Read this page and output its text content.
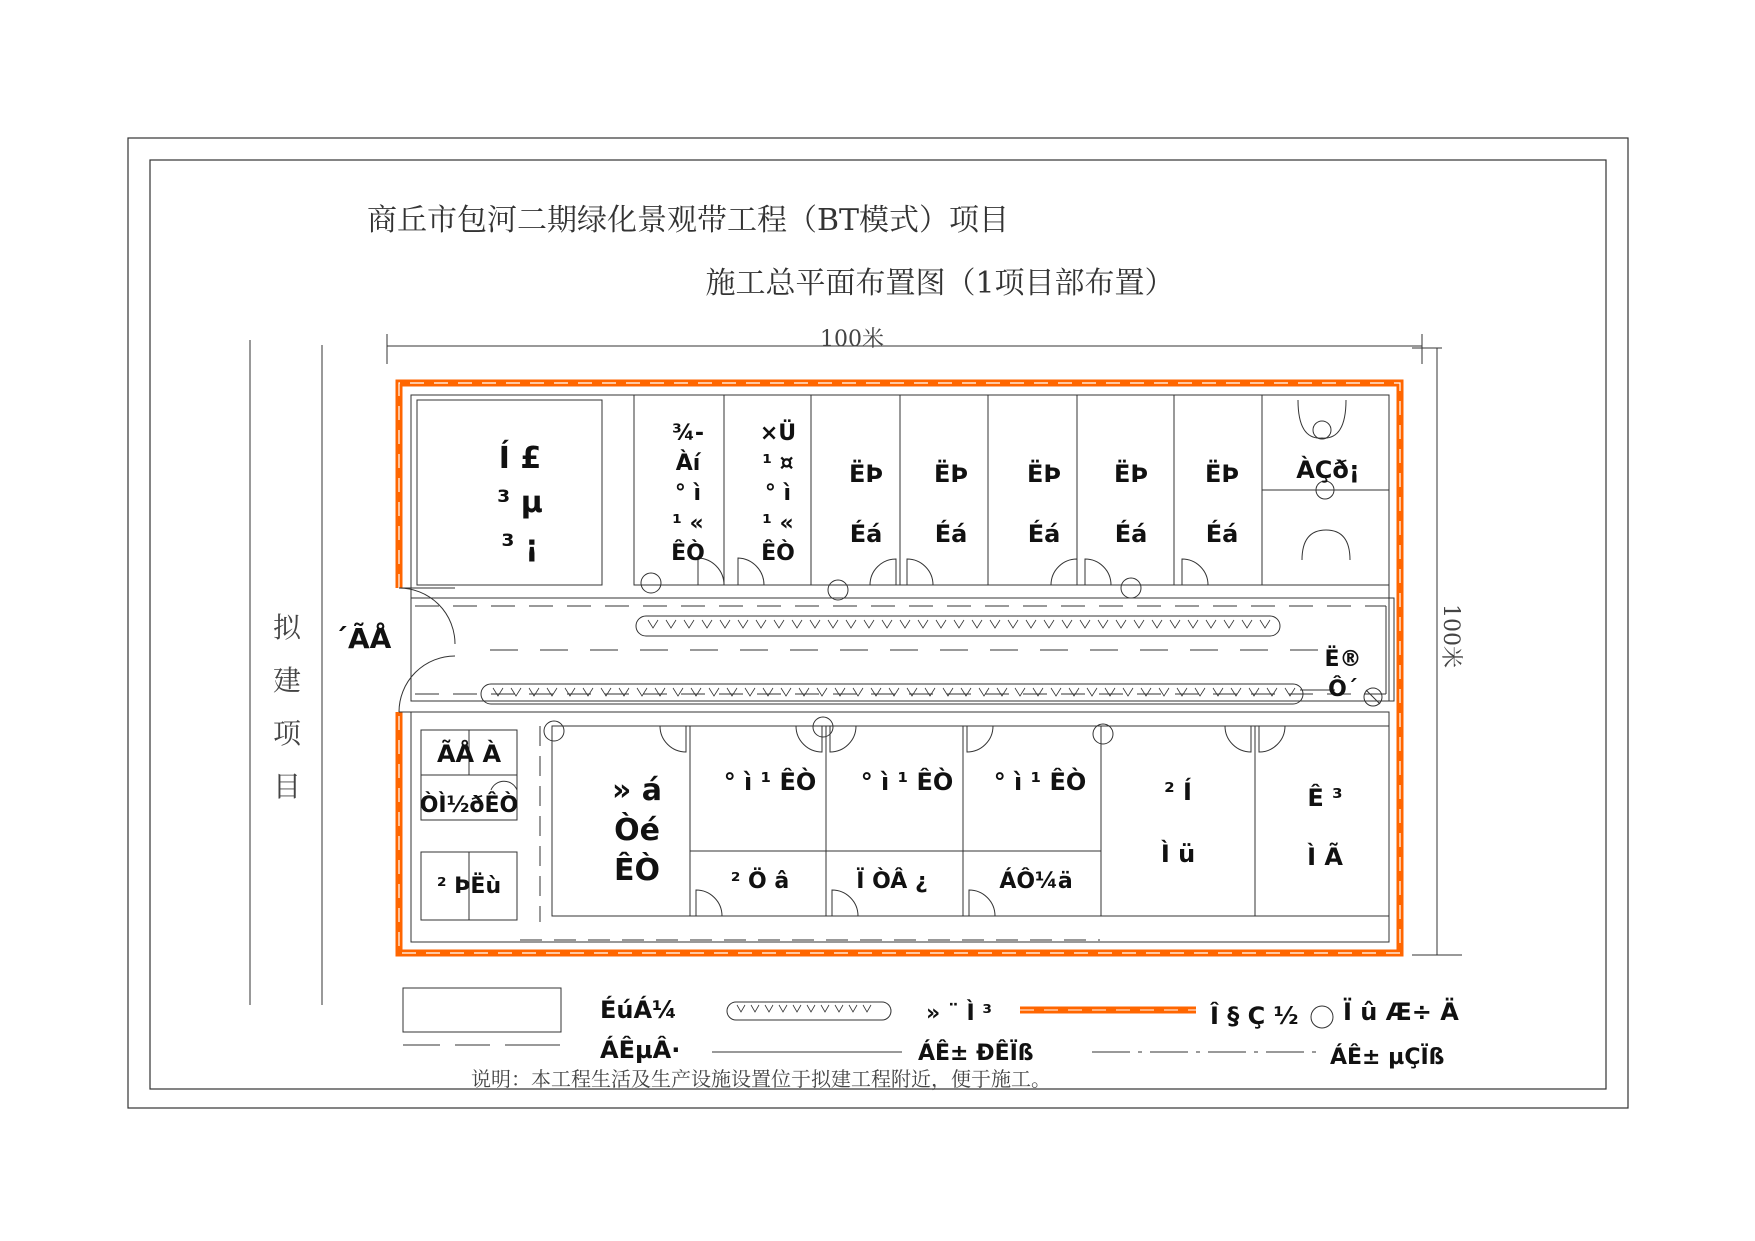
商丘市包河二期绿化景观带工程（BT模式）项目
施工总平面布置图（1项目部布置）
100米
100米
拟
建
项
目
´ÃÅ
Í £
³ µ
³ ¡
¾-
Àí
° ì
¹ «
ÊÒ
×Ü
¹ ¤
° ì
¹ «
ÊÒ
ËÞ
Éá
ËÞ
Éá
ËÞ
Éá
ËÞ
Éá
ËÞ
Éá
ÀÇð¡
Ë®
Ô´
ÃÅ À
ÒÌ½ðÊÒ
² ÞËù
» á
Òé
ÊÒ
° ì ¹ ÊÒ ° ì ¹ ÊÒ ° ì ¹ ÊÒ	² Í
Ì ü
Ê ³
Ì Ã
² Ö â	Ï ÒÂ ¿	ÁÔ¼ä
ÉúÁ¼	» ¨ Ì ³	Î § Ç ½ Ï û Æ÷ Ä
ÁÊµÂ·	ÁÊ± ÐÊÏß	ÁÊ± µÇÏß
说明：本工程生活及生产设施设置位于拟建工程附近，便于施工。
